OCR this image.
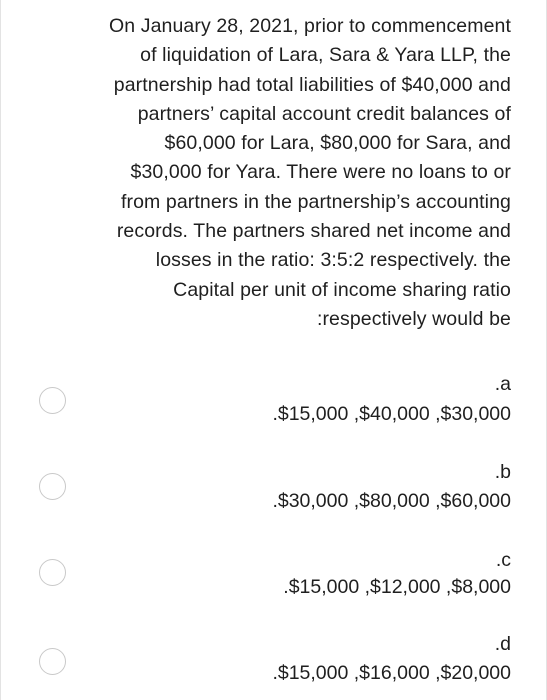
On January 28, 2021, prior to commencement
of liquidation of Lara, Sara & Yara LLP, the
partnership had total liabilities of $40,000 and
partners’ capital account credit balances of
$60,000 for Lara, $80,000 for Sara, and
$30,000 for Yara. There were no loans to or
from partners in the partnership’s accounting
records. The partners shared net income and
losses in the ratio: 3:5:2 respectively. the
Capital per unit of income sharing ratio
:respectively would be
.a
.$15,000 ,$40,000 ,$30,000
.b
.$30,000 ,$80,000 ,$60,000
.c
.$15,000 ,$12,000 ,$8,000
.d
.$15,000 ,$16,000 ,$20,000
